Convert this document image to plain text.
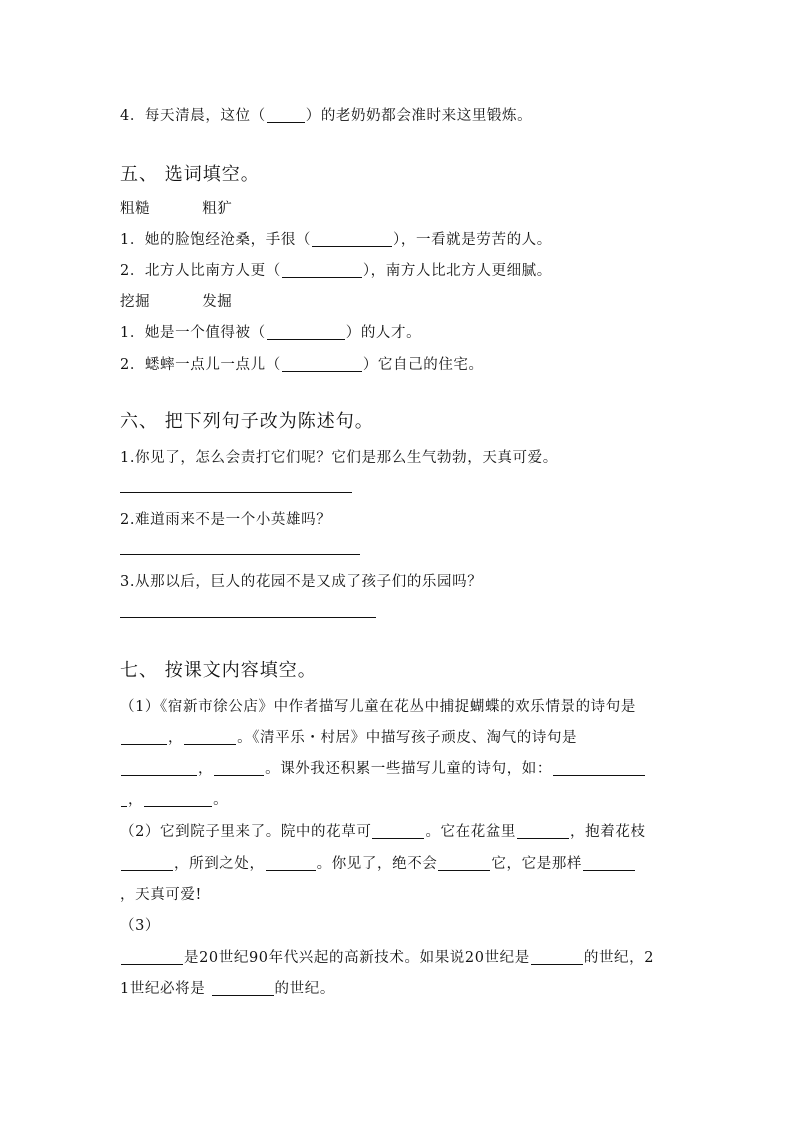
4．每天清晨，这位（	）的老奶奶都会准时来这里锻炼。
五、 选词填空。
粗糙	粗犷
1．她的脸饱经沧桑，手很（	），一看就是劳苦的人。
2．北方人比南方人更（	），南方人比北方人更细腻。
挖掘	发掘
1．她是一个值得被（	）的人才。
2．蟋蟀一点儿一点儿（	）它自己的住宅。
六、 把下列句子改为陈述句。
1.你见了，怎么会责打它们呢？它们是那么生气勃勃，天真可爱。
2.难道雨来不是一个小英雄吗？
3.从那以后，巨人的花园不是又成了孩子们的乐园吗？
七、 按课文内容填空。
（1）《宿新市徐公店》中作者描写儿童在花丛中捕捉蝴蝶的欢乐情景的诗句是
，	。《清平乐・村居》中描写孩子顽皮、淘气的诗句是
，	。课外我还积累一些描写儿童的诗句，如：
，	。
（2）它到院子里来了。院中的花草可	。它在花盆里	，抱着花枝
，所到之处，	。你见了，绝不会	它，它是那样
，天真可爱!
（3）
是20世纪90年代兴起的高新技术。如果说20世纪是	的世纪，2
1世纪必将是	的世纪。
